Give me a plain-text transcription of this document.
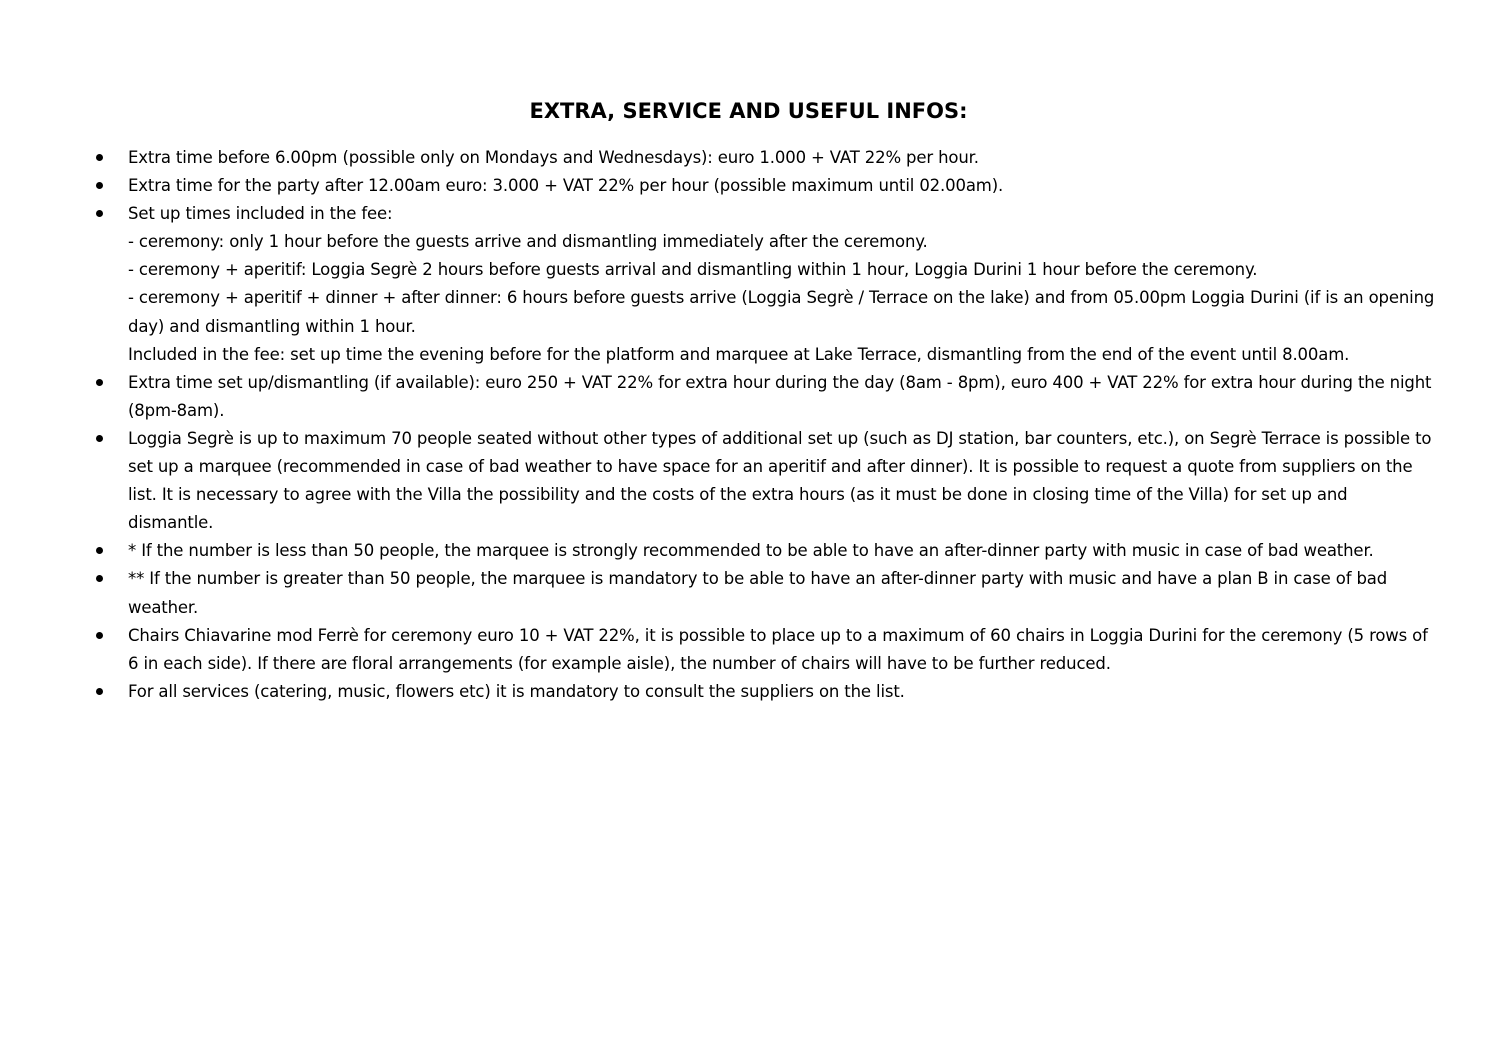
EXTRA, SERVICE AND USEFUL INFOS:
Extra time before 6.00pm (possible only on Mondays and Wednesdays): euro 1.000 + VAT 22% per hour.
Extra time for the party after 12.00am euro: 3.000 + VAT 22% per hour (possible maximum until 02.00am).
Set up times included in the fee:
- ceremony: only 1 hour before the guests arrive and dismantling immediately after the ceremony.
- ceremony + aperitif: Loggia Segrè 2 hours before guests arrival and dismantling within 1 hour, Loggia Durini 1 hour before the ceremony.
- ceremony + aperitif + dinner + after dinner: 6 hours before guests arrive (Loggia Segrè / Terrace on the lake) and from 05.00pm Loggia Durini (if is an opening day) and dismantling within 1 hour.
Included in the fee: set up time the evening before for the platform and marquee at Lake Terrace, dismantling from the end of the event until 8.00am.
Extra time set up/dismantling (if available): euro 250 + VAT 22% for extra hour during the day (8am - 8pm), euro 400 + VAT 22% for extra hour during the night (8pm-8am).
Loggia Segrè is up to maximum 70 people seated without other types of additional set up (such as DJ station, bar counters, etc.), on Segrè Terrace is possible to set up a marquee (recommended in case of bad weather to have space for an aperitif and after dinner). It is possible to request a quote from suppliers on the list. It is necessary to agree with the Villa the possibility and the costs of the extra hours (as it must be done in closing time of the Villa) for set up and dismantle.
* If the number is less than 50 people, the marquee is strongly recommended to be able to have an after-dinner party with music in case of bad weather.
** If the number is greater than 50 people, the marquee is mandatory to be able to have an after-dinner party with music and have a plan B in case of bad weather.
Chairs Chiavarine mod Ferrè for ceremony euro 10 + VAT 22%, it is possible to place up to a maximum of 60 chairs in Loggia Durini for the ceremony (5 rows of 6 in each side). If there are floral arrangements (for example aisle), the number of chairs will have to be further reduced.
For all services (catering, music, flowers etc) it is mandatory to consult the suppliers on the list.
